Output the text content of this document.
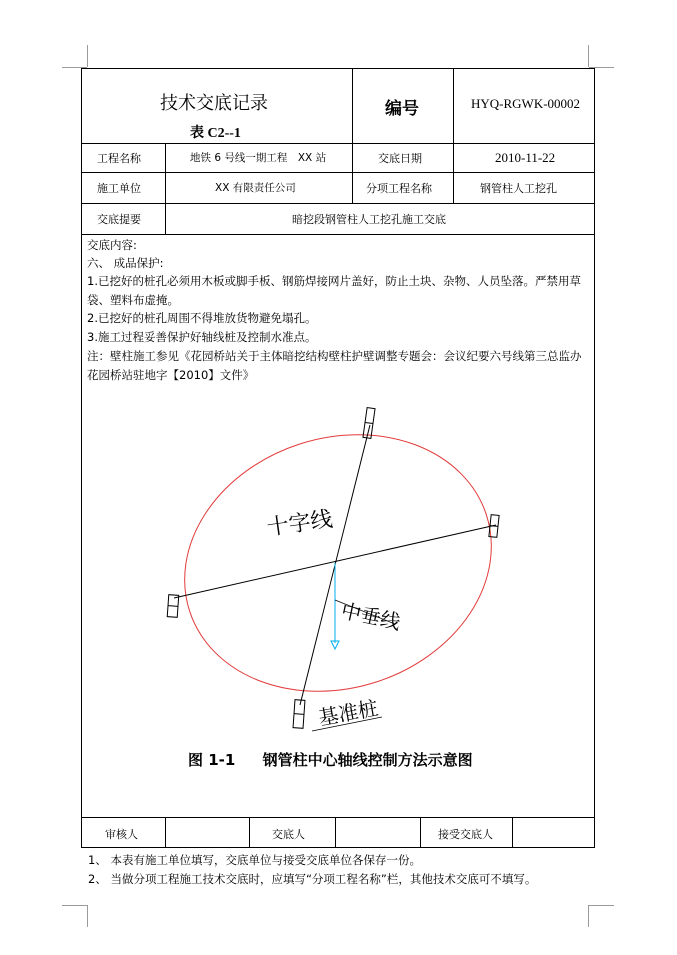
技术交底记录
表 C2--1
编号	HYQ-RGWK-00002
工程名称	地铁 6 号线一期工程　XX 站	交底日期	2010-11-22
施工单位	XX 有限责任公司	分项工程名称	钢管柱人工挖孔
交底提要	暗挖段钢管柱人工挖孔施工交底
交底内容:
六、 成品保护:
1.已挖好的桩孔必须用木板或脚手板、钢筋焊接网片盖好，防止土块、杂物、人员坠落。严禁用草袋、塑料布虚掩。
2.已挖好的桩孔周围不得堆放货物避免塌孔。
3.施工过程妥善保护好轴线桩及控制水准点。
注：壁柱施工参见《花园桥站关于主体暗挖结构壁柱护壁调整专题会：会议纪要六号线第三总监办花园桥站驻地字【2010】文件》
十字线
中垂线
基准桩
图 1-1 钢管柱中心轴线控制方法示意图
审核人	交底人	接受交底人
1、 本表有施工单位填写，交底单位与接受交底单位各保存一份。
2、 当做分项工程施工技术交底时，应填写“分项工程名称”栏，其他技术交底可不填写。
